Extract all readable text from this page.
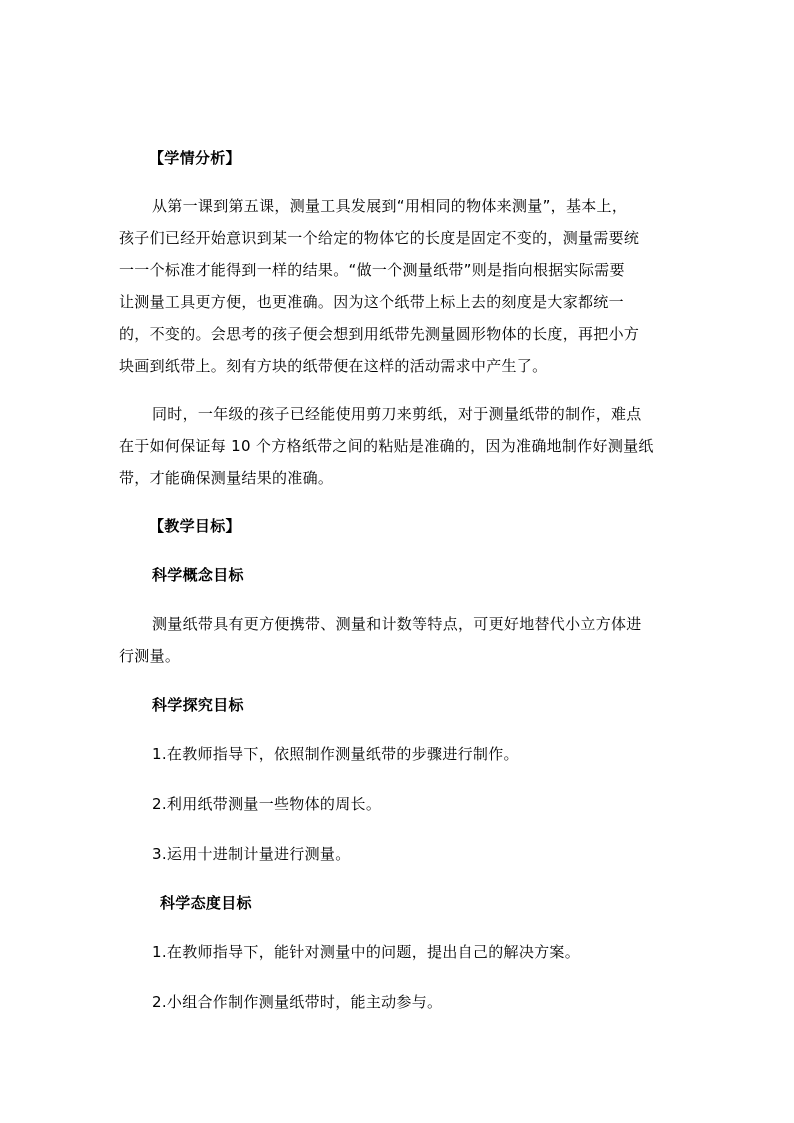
【学情分析】
从第一课到第五课，测量工具发展到“用相同的物体来测量”，基本上，
孩子们已经开始意识到某一个给定的物体它的长度是固定不变的，测量需要统
一一个标准才能得到一样的结果。“做一个测量纸带”则是指向根据实际需要
让测量工具更方便，也更准确。因为这个纸带上标上去的刻度是大家都统一
的，不变的。会思考的孩子便会想到用纸带先测量圆形物体的长度，再把小方
块画到纸带上。刻有方块的纸带便在这样的活动需求中产生了。
同时，一年级的孩子已经能使用剪刀来剪纸，对于测量纸带的制作，难点
在于如何保证每 10 个方格纸带之间的粘贴是准确的，因为准确地制作好测量纸
带，才能确保测量结果的准确。
【教学目标】
科学概念目标
测量纸带具有更方便携带、测量和计数等特点，可更好地替代小立方体进
行测量。
科学探究目标
1.在教师指导下，依照制作测量纸带的步骤进行制作。
2.利用纸带测量一些物体的周长。
3.运用十进制计量进行测量。
科学态度目标
1.在教师指导下，能针对测量中的问题，提出自己的解决方案。
2.小组合作制作测量纸带时，能主动参与。
